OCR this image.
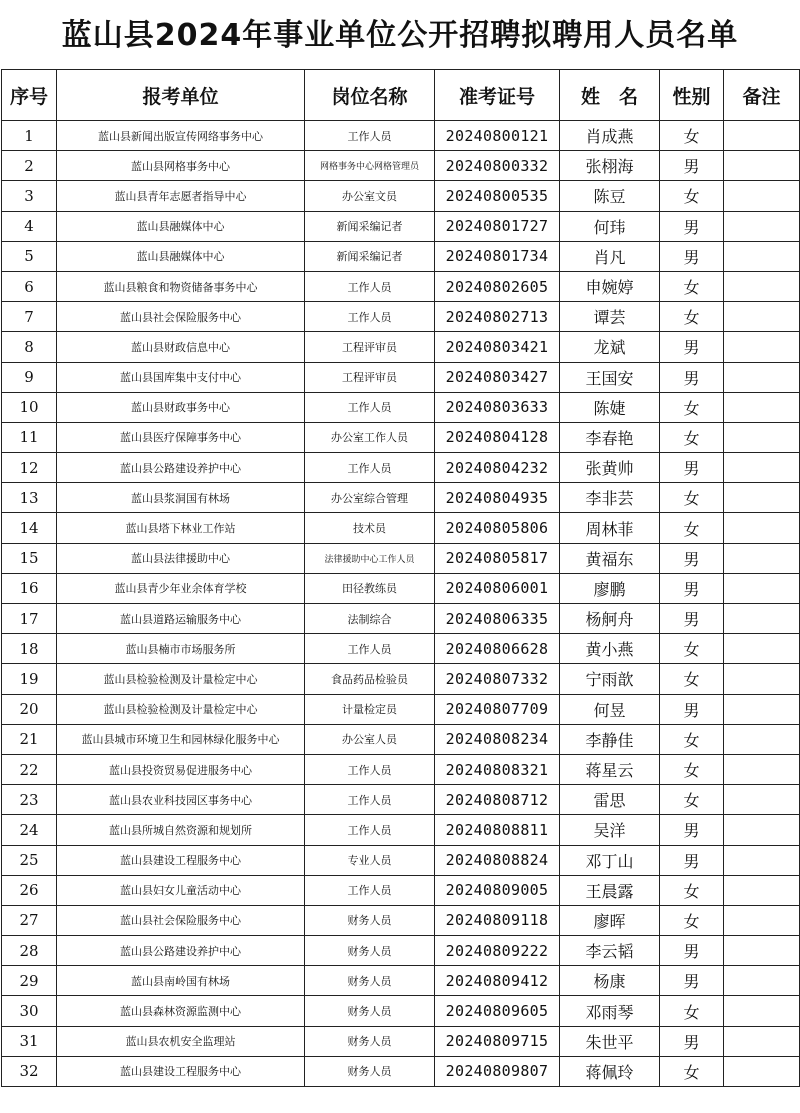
蓝山县2024年事业单位公开招聘拟聘用人员名单
序号	报考单位	岗位名称	准考证号	姓　名	性别	备注
1	蓝山县新闻出版宣传网络事务中心	工作人员	20240800121	肖成燕	女	
2	蓝山县网格事务中心	网格事务中心网格管理员	20240800332	张栩海	男	
3	蓝山县青年志愿者指导中心	办公室文员	20240800535	陈豆	女	
4	蓝山县融媒体中心	新闻采编记者	20240801727	何玮	男	
5	蓝山县融媒体中心	新闻采编记者	20240801734	肖凡	男	
6	蓝山县粮食和物资储备事务中心	工作人员	20240802605	申婉婷	女	
7	蓝山县社会保险服务中心	工作人员	20240802713	谭芸	女	
8	蓝山县财政信息中心	工程评审员	20240803421	龙斌	男	
9	蓝山县国库集中支付中心	工程评审员	20240803427	王国安	男	
10	蓝山县财政事务中心	工作人员	20240803633	陈婕	女	
11	蓝山县医疗保障事务中心	办公室工作人员	20240804128	李春艳	女	
12	蓝山县公路建设养护中心	工作人员	20240804232	张黄帅	男	
13	蓝山县浆洞国有林场	办公室综合管理	20240804935	李非芸	女	
14	蓝山县塔下林业工作站	技术员	20240805806	周林菲	女	
15	蓝山县法律援助中心	法律援助中心工作人员	20240805817	黄福东	男	
16	蓝山县青少年业余体育学校	田径教练员	20240806001	廖鹏	男	
17	蓝山县道路运输服务中心	法制综合	20240806335	杨舸舟	男	
18	蓝山县楠市市场服务所	工作人员	20240806628	黄小燕	女	
19	蓝山县检验检测及计量检定中心	食品药品检验员	20240807332	宁雨歆	女	
20	蓝山县检验检测及计量检定中心	计量检定员	20240807709	何昱	男	
21	蓝山县城市环境卫生和园林绿化服务中心	办公室人员	20240808234	李静佳	女	
22	蓝山县投资贸易促进服务中心	工作人员	20240808321	蒋星云	女	
23	蓝山县农业科技园区事务中心	工作人员	20240808712	雷思	女	
24	蓝山县所城自然资源和规划所	工作人员	20240808811	吴洋	男	
25	蓝山县建设工程服务中心	专业人员	20240808824	邓丁山	男	
26	蓝山县妇女儿童活动中心	工作人员	20240809005	王晨露	女	
27	蓝山县社会保险服务中心	财务人员	20240809118	廖晖	女	
28	蓝山县公路建设养护中心	财务人员	20240809222	李云韬	男	
29	蓝山县南岭国有林场	财务人员	20240809412	杨康	男	
30	蓝山县森林资源监测中心	财务人员	20240809605	邓雨琴	女	
31	蓝山县农机安全监理站	财务人员	20240809715	朱世平	男	
32	蓝山县建设工程服务中心	财务人员	20240809807	蒋佩玲	女	
